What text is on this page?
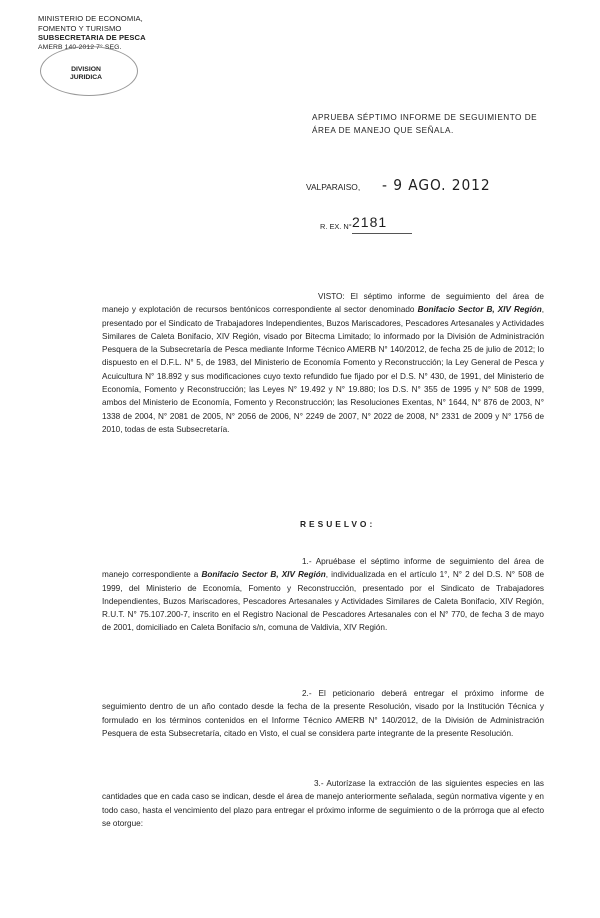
MINISTERIO DE ECONOMIA,
FOMENTO Y TURISMO
SUBSECRETARIA DE PESCA
AMERB 140-2012 7° SEG.
DIVISION
JURIDICA
APRUEBA SÉPTIMO INFORME DE SEGUIMIENTO DE ÁREA DE MANEJO QUE SEÑALA.
VALPARAISO, - 9 AGO. 2012
R. EX. N° 2181

VISTO: El séptimo informe de seguimiento del área de manejo y explotación de recursos bentónicos correspondiente al sector denominado Bonifacio Sector B, XIV Región, presentado por el Sindicato de Trabajadores Independientes, Buzos Mariscadores, Pescadores Artesanales y Actividades Similares de Caleta Bonifacio, XIV Región, visado por Bitecma Limitado; lo informado por la División de Administración Pesquera de la Subsecretaría de Pesca mediante Informe Técnico AMERB N° 140/2012, de fecha 25 de julio de 2012; lo dispuesto en el D.F.L. N° 5, de 1983, del Ministerio de Economía Fomento y Reconstrucción; la Ley General de Pesca y Acuicultura N° 18.892 y sus modificaciones cuyo texto refundido fue fijado por el D.S. N° 430, de 1991, del Ministerio de Economía, Fomento y Reconstrucción; las Leyes N° 19.492 y N° 19.880; los D.S. N° 355 de 1995 y N° 508 de 1999, ambos del Ministerio de Economía, Fomento y Reconstrucción; las Resoluciones Exentas, N° 1644, N° 876 de 2003, N° 1338 de 2004, N° 2081 de 2005, N° 2056 de 2006, N° 2249 de 2007, N° 2022 de 2008, N° 2331 de 2009 y N° 1756 de 2010, todas de esta Subsecretaría.

RESUELVO:

1.- Apruébase el séptimo informe de seguimiento del área de manejo correspondiente a Bonifacio Sector B, XIV Región, individualizada en el artículo 1°, N° 2 del D.S. N° 508 de 1999, del Ministerio de Economía, Fomento y Reconstrucción, presentado por el Sindicato de Trabajadores Independientes, Buzos Mariscadores, Pescadores Artesanales y Actividades Similares de Caleta Bonifacio, XIV Región, R.U.T. N° 75.107.200-7, inscrito en el Registro Nacional de Pescadores Artesanales con el N° 770, de fecha 3 de mayo de 2001, domiciliado en Caleta Bonifacio s/n, comuna de Valdivia, XIV Región.

2.- El peticionario deberá entregar el próximo informe de seguimiento dentro de un año contado desde la fecha de la presente Resolución, visado por la Institución Técnica y formulado en los términos contenidos en el Informe Técnico AMERB N° 140/2012, de la División de Administración Pesquera de esta Subsecretaría, citado en Visto, el cual se considera parte integrante de la presente Resolución.

3.- Autorízase la extracción de las siguientes especies en las cantidades que en cada caso se indican, desde el área de manejo anteriormente señalada, según normativa vigente y en todo caso, hasta el vencimiento del plazo para entregar el próximo informe de seguimiento o de la prórroga que al efecto se otorgue:
